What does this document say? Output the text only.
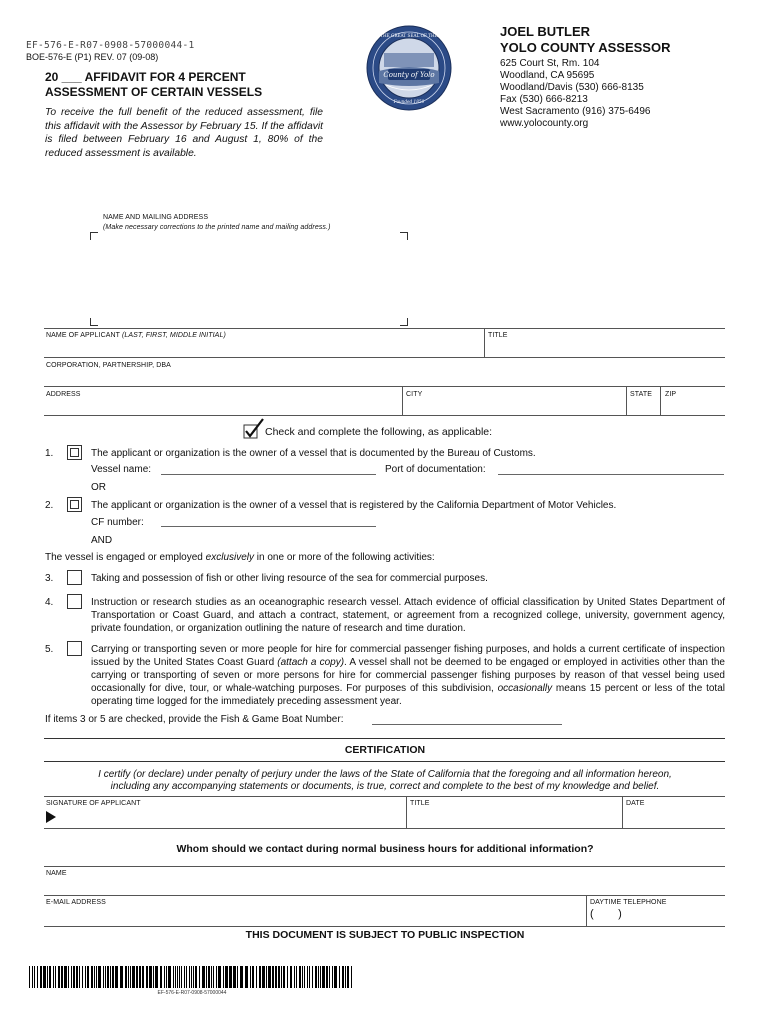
EF-576-E-R07-0908-57000044-1
BOE-576-E (P1) REV. 07 (09-08)
20 ___ AFFIDAVIT FOR 4 PERCENT
ASSESSMENT OF CERTAIN VESSELS
To receive the full benefit of the reduced assessment, file this affidavit with the Assessor by February 15. If the affidavit is filed between February 16 and August 1, 80% of the reduced assessment is available.
County of Yolo
THE GREAT SEAL OF THE
Founded 1850
JOEL BUTLER
YOLO COUNTY ASSESSOR
625 Court St, Rm. 104
Woodland, CA 95695
Woodland/Davis (530) 666-8135
Fax (530) 666-8213
West Sacramento (916) 375-6496
www.yolocounty.org
NAME AND MAILING ADDRESS
(Make necessary corrections to the printed name and mailing address.)
NAME OF APPLICANT (LAST, FIRST, MIDDLE INITIAL)	TITLE
CORPORATION, PARTNERSHIP, DBA
ADDRESS	CITY	STATE ZIP
Check and complete the following, as applicable:
1.	The applicant or organization is the owner of a vessel that is documented by the Bureau of Customs.
Vessel name:	Port of documentation:
OR
2.	The applicant or organization is the owner of a vessel that is registered by the California Department of Motor Vehicles.
CF number:
AND
The vessel is engaged or employed exclusively in one or more of the following activities:
3.	Taking and possession of fish or other living resource of the sea for commercial purposes.
4.	Instruction or research studies as an oceanographic research vessel. Attach evidence of official classification by United States Department of Transportation or Coast Guard, and attach a contract, statement, or agreement from a recognized college, university, government agency, private foundation, or organization outlining the nature of research and time duration.
5.	Carrying or transporting seven or more people for hire for commercial passenger fishing purposes, and holds a current certificate of inspection issued by the United States Coast Guard (attach a copy). A vessel shall not be deemed to be engaged or employed in activities other than the carrying or transporting of seven or more persons for hire for commercial passenger fishing purposes by reason of that vessel being used occasionally for dive, tour, or whale-watching purposes. For purposes of this subdivision, occasionally means 15 percent or less of the total operating time logged for the immediately preceding assessment year.
If items 3 or 5 are checked, provide the Fish & Game Boat Number:
CERTIFICATION
I certify (or declare) under penalty of perjury under the laws of the State of California that the foregoing and all information hereon,
including any accompanying statements or documents, is true, correct and complete to the best of my knowledge and belief.
SIGNATURE OF APPLICANT	TITLE	DATE
Whom should we contact during normal business hours for additional information?
NAME
E-MAIL ADDRESS	DAYTIME TELEPHONE
(        )
THIS DOCUMENT IS SUBJECT TO PUBLIC INSPECTION
EF-576-E-R07-0908-57000044
